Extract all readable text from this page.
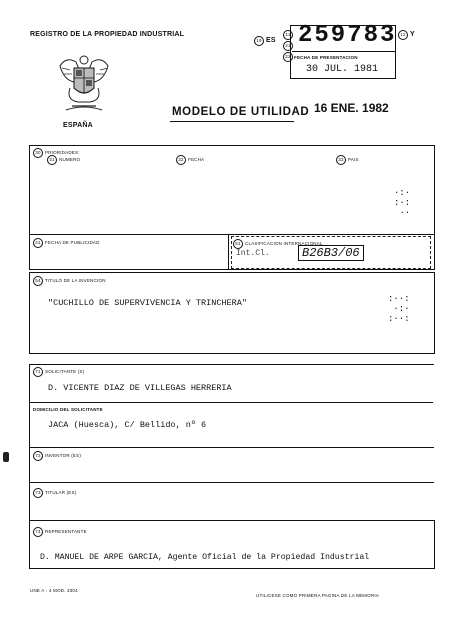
REGISTRO DE LA PROPIEDAD INDUSTRIAL
ESPAÑA
19 ES
11
21
22
259783
FECHA DE PRESENTACION
30 JUL. 1981
12 Y
MODELO DE UTILIDAD 16 ENE. 1982
30 PRIORIDADES:
31 NUMERO	32 FECHA	33 PAIS
·:·
:·:
··
41 FECHA DE PUBLICIDAD	51 CLASIFICACION INTERNACIONAL
Int.Cl.	B26B3/06
54 TITULO DE LA INVENCION
"CUCHILLO DE SUPERVIVENCIA Y TRINCHERA"	:··:
·:·
:··:
71 SOLICITANTE (S)
D. VICENTE DIAZ DE VILLEGAS HERRERIA
DOMICILIO DEL SOLICITANTE
JACA (Huesca), C/ Bellido, nº 6
72 INVENTOR (ES)
73 TITULAR (ES)
74 REPRESENTANTE
D. MANUEL DE ARPE GARCIA, Agente Oficial de la Propiedad Industrial
UNE A - 4 MOD. 3304
UTILICESE COMO PRIMERA PAGINA DE LA MEMORIA
